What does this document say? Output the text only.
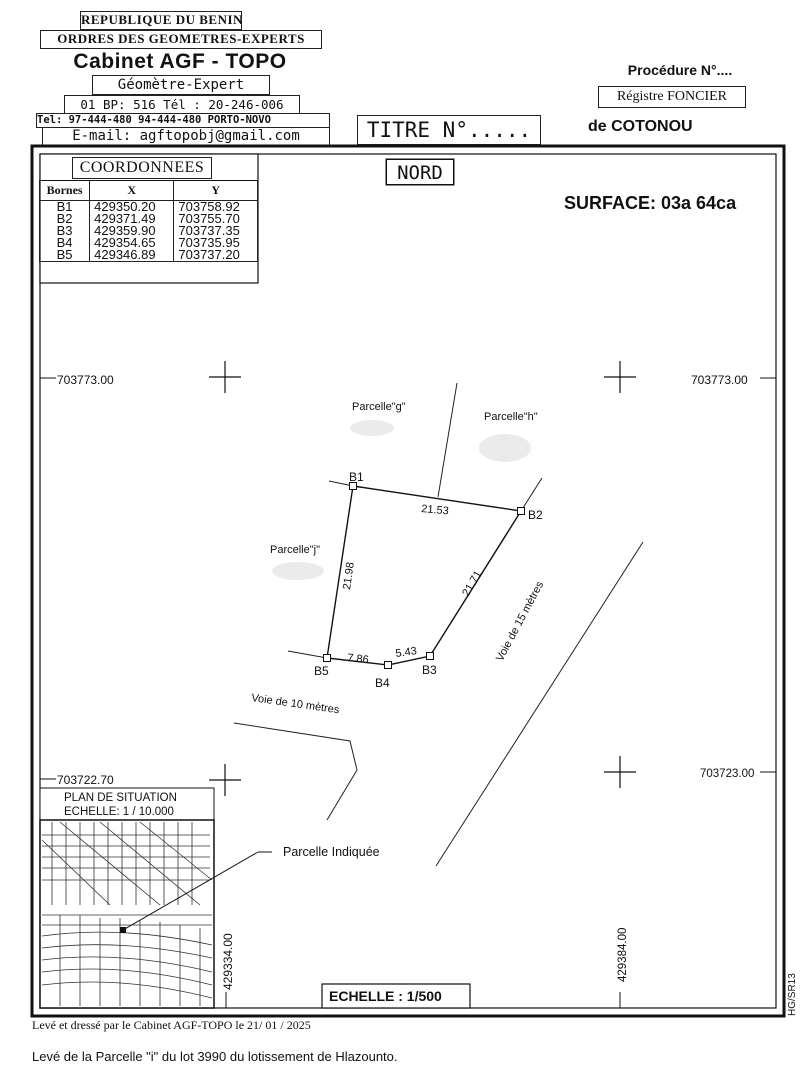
REPUBLIQUE DU BENIN
ORDRES DES GEOMETRES-EXPERTS
Cabinet AGF - TOPO
Géomètre-Expert
01 BP: 516 Tél : 20-246-006
Tel: 97-444-480 94-444-480 PORTO-NOVO
E-mail: agftopobj@gmail.com	TITRE N°.....
Procédure N°....
Régistre FONCIER
de COTONOU
SURFACE: 03a 64ca
703773.00	703773.00
703722.70	703723.00
429334.00	429384.00
Parcelle"g"
Parcelle"h"
Parcelle"j"
B1
B2
B3
B4
B5
21.53
21.71
21.98
7.86 5.43	Voie de 15 mètres
Voie de 10 mètres
PLAN DE SITUATION
ECHELLE: 1 / 10.000
Parcelle Indiquée
ECHELLE : 1/500	HG/SR13
NORD
COORDONNEES
Bornes	X	Y
B1	429350.20	703758.92
B2	429371.49	703755.70
B3	429359.90	703737.35
B4	429354.65	703735.95
B5	429346.89	703737.20
Levé et dressé par le Cabinet AGF-TOPO le 21/ 01 / 2025
Levé de la Parcelle "i" du lot 3990 du lotissement de Hlazounto.
